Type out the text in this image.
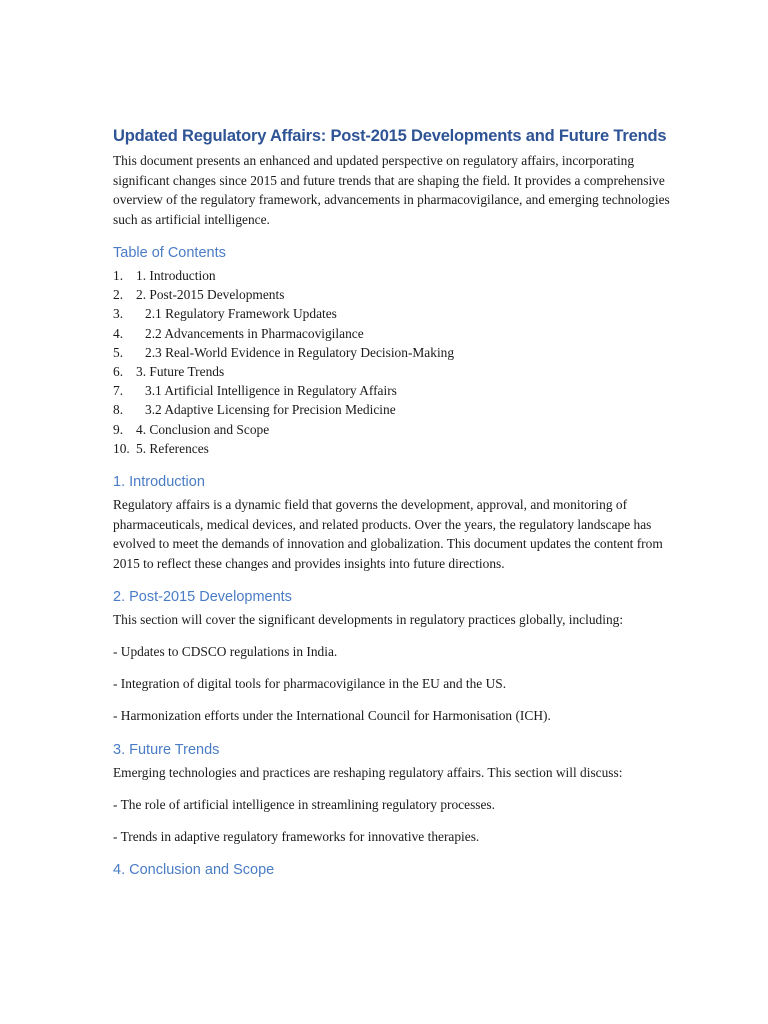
Updated Regulatory Affairs: Post-2015 Developments and Future Trends

This document presents an enhanced and updated perspective on regulatory affairs, incorporating significant changes since 2015 and future trends that are shaping the field. It provides a comprehensive overview of the regulatory framework, advancements in pharmacovigilance, and emerging technologies such as artificial intelligence.

Table of Contents
1. 1. Introduction
2. 2. Post-2015 Developments
3.	2.1 Regulatory Framework Updates
4.	2.2 Advancements in Pharmacovigilance
5.	2.3 Real-World Evidence in Regulatory Decision-Making
6. 3. Future Trends
7.	3.1 Artificial Intelligence in Regulatory Affairs
8.	3.2 Adaptive Licensing for Precision Medicine
9. 4. Conclusion and Scope
10. 5. References
1. Introduction

Regulatory affairs is a dynamic field that governs the development, approval, and monitoring of pharmaceuticals, medical devices, and related products. Over the years, the regulatory landscape has evolved to meet the demands of innovation and globalization. This document updates the content from 2015 to reflect these changes and provides insights into future directions.

2. Post-2015 Developments

This section will cover the significant developments in regulatory practices globally, including:

- Updates to CDSCO regulations in India.

- Integration of digital tools for pharmacovigilance in the EU and the US.

- Harmonization efforts under the International Council for Harmonisation (ICH).

3. Future Trends

Emerging technologies and practices are reshaping regulatory affairs. This section will discuss:

- The role of artificial intelligence in streamlining regulatory processes.

- Trends in adaptive regulatory frameworks for innovative therapies.

4. Conclusion and Scope
